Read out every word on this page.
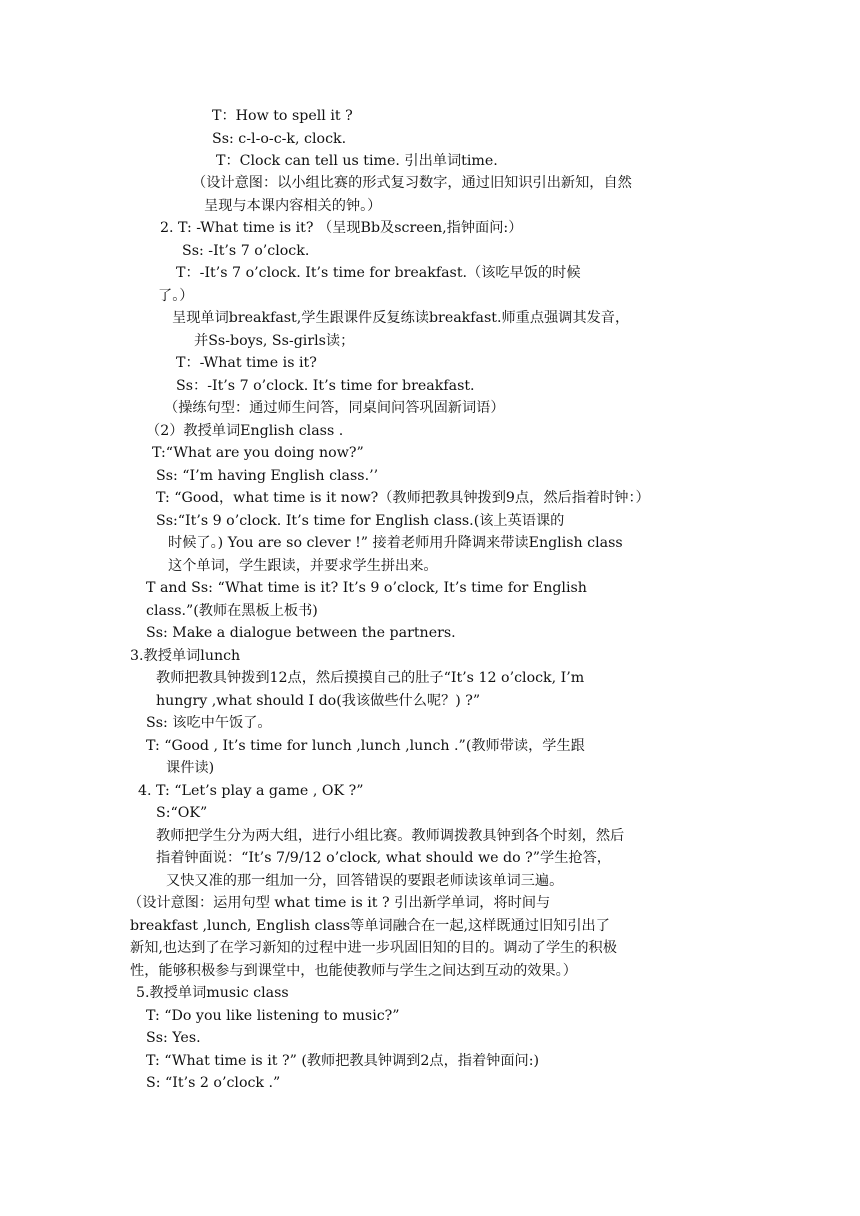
T：How to spell it ?
Ss: c-l-o-c-k, clock.
T：Clock can tell us time. 引出单词time.
（设计意图：以小组比赛的形式复习数字，通过旧知识引出新知，自然
呈现与本课内容相关的钟。）
2. T: -What time is it? （呈现Bb及screen,指钟面问:）
Ss: -It’s 7 o’clock.
T：-It’s 7 o’clock. It’s time for breakfast.（该吃早饭的时候
了。）
呈现单词breakfast,学生跟课件反复练读breakfast.师重点强调其发音，
并Ss-boys, Ss-girls读；
T：-What time is it?
Ss：-It’s 7 o’clock. It’s time for breakfast.
（操练句型：通过师生问答，同桌间问答巩固新词语）
（2）教授单词English class .
T:“What are you doing now?”
Ss: “I’m having English class.’’
T: “Good，what time is it now?（教师把教具钟拨到9点，然后指着时钟：）
Ss:“It’s 9 o’clock. It’s time for English class.(该上英语课的
时候了。) You are so clever !” 接着老师用升降调来带读English class
这个单词，学生跟读，并要求学生拼出来。
T and Ss: “What time is it? It’s 9 o’clock, It’s time for English
class.”(教师在黑板上板书)
Ss: Make a dialogue between the partners.
3.教授单词lunch
教师把教具钟拨到12点，然后摸摸自己的肚子“It’s 12 o’clock, I’m
hungry ,what should I do(我该做些什么呢？) ?”
Ss: 该吃中午饭了。
T: “Good , It’s time for lunch ,lunch ,lunch .”(教师带读，学生跟
课件读)
4. T: “Let’s play a game , OK ?”
S:“OK”
教师把学生分为两大组，进行小组比赛。教师调拨教具钟到各个时刻，然后
指着钟面说：“It’s 7/9/12 o’clock, what should we do ?”学生抢答，
又快又准的那一组加一分，回答错误的要跟老师读该单词三遍。
（设计意图：运用句型 what time is it ? 引出新学单词，将时间与
breakfast ,lunch, English class等单词融合在一起,这样既通过旧知引出了
新知,也达到了在学习新知的过程中进一步巩固旧知的目的。调动了学生的积极
性，能够积极参与到课堂中，也能使教师与学生之间达到互动的效果。）
5.教授单词music class
T: “Do you like listening to music?”
Ss: Yes.
T: “What time is it ?” (教师把教具钟调到2点，指着钟面问:)
S: “It’s 2 o’clock .”
